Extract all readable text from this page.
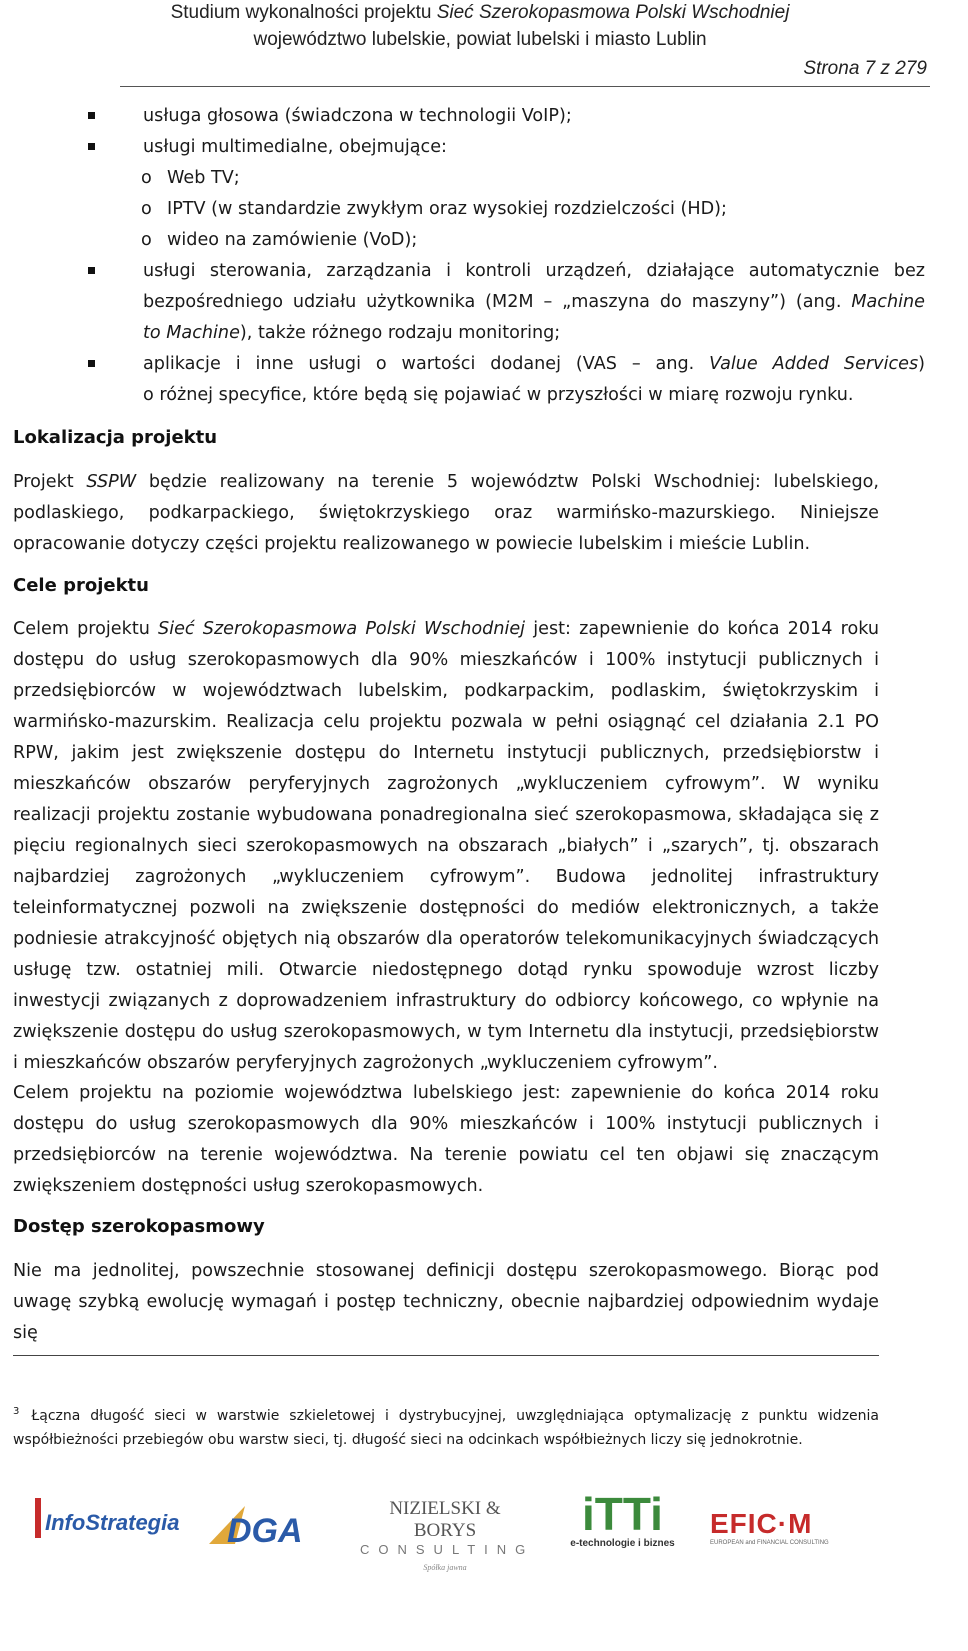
Studium wykonalności projektu Sieć Szerokopasmowa Polski Wschodniej
województwo lubelskie, powiat lubelski i miasto Lublin
Strona 7 z 279
usługa głosowa (świadczona w technologii VoIP);
usługi multimedialne, obejmujące:
o Web TV;
o IPTV (w standardzie zwykłym oraz wysokiej rozdzielczości (HD);
o wideo na zamówienie (VoD);
usługi sterowania, zarządzania i kontroli urządzeń, działające automatycznie bez
bezpośredniego udziału użytkownika (M2M – „maszyna do maszyny”) (ang. Machine
to Machine), także różnego rodzaju monitoring;
aplikacje i inne usługi o wartości dodanej (VAS – ang. Value Added Services)
o różnej specyfice, które będą się pojawiać w przyszłości w miarę rozwoju rynku.
Lokalizacja projektu

Projekt SSPW będzie realizowany na terenie 5 województw Polski Wschodniej: lubelskiego, podlaskiego, podkarpackiego, świętokrzyskiego oraz warmińsko-mazurskiego. Niniejsze opracowanie dotyczy części projektu realizowanego w powiecie lubelskim i mieście Lublin.

Cele projektu

Celem projektu Sieć Szerokopasmowa Polski Wschodniej jest: zapewnienie do końca 2014 roku dostępu do usług szerokopasmowych dla 90% mieszkańców i 100% instytucji publicznych i przedsiębiorców w województwach lubelskim, podkarpackim, podlaskim, świętokrzyskim i warmińsko-mazurskim. Realizacja celu projektu pozwala w pełni osiągnąć cel działania 2.1 PO RPW, jakim jest zwiększenie dostępu do Internetu instytucji publicznych, przedsiębiorstw i mieszkańców obszarów peryferyjnych zagrożonych „wykluczeniem cyfrowym”. W wyniku realizacji projektu zostanie wybudowana ponadregionalna sieć szerokopasmowa, składająca się z pięciu regionalnych sieci szerokopasmowych na obszarach „białych” i „szarych”, tj. obszarach najbardziej zagrożonych „wykluczeniem cyfrowym”. Budowa jednolitej infrastruktury teleinformatycznej pozwoli na zwiększenie dostępności do mediów elektronicznych, a także podniesie atrakcyjność objętych nią obszarów dla operatorów telekomunikacyjnych świadczących usługę tzw. ostatniej mili. Otwarcie niedostępnego dotąd rynku spowoduje wzrost liczby inwestycji związanych z doprowadzeniem infrastruktury do odbiorcy końcowego, co wpłynie na zwiększenie dostępu do usług szerokopasmowych, w tym Internetu dla instytucji, przedsiębiorstw i mieszkańców obszarów peryferyjnych zagrożonych „wykluczeniem cyfrowym”.

Celem projektu na poziomie województwa lubelskiego jest: zapewnienie do końca 2014 roku dostępu do usług szerokopasmowych dla 90% mieszkańców i 100% instytucji publicznych i przedsiębiorców na terenie województwa. Na terenie powiatu cel ten objawi się znaczącym zwiększeniem dostępności usług szerokopasmowych.

Dostęp szerokopasmowy

Nie ma jednolitej, powszechnie stosowanej definicji dostępu szerokopasmowego. Biorąc pod uwagę szybką ewolucję wymagań i postęp techniczny, obecnie najbardziej odpowiednim wydaje się

$^3$ Łączna długość sieci w warstwie szkieletowej i dystrybucyjnej, uwzględniająca optymalizację z punktu widzenia współbieżności przebiegów obu warstw sieci, tj. długość sieci na odcinkach współbieżnych liczy się jednokrotnie.
InfoStrategia DGA
NIZIELSKI & BORYS
CONSULTING
Spółka jawna
iTTi
e-technologie i biznes
EFIC·M
EUROPEAN and FINANCIAL CONSULTING
